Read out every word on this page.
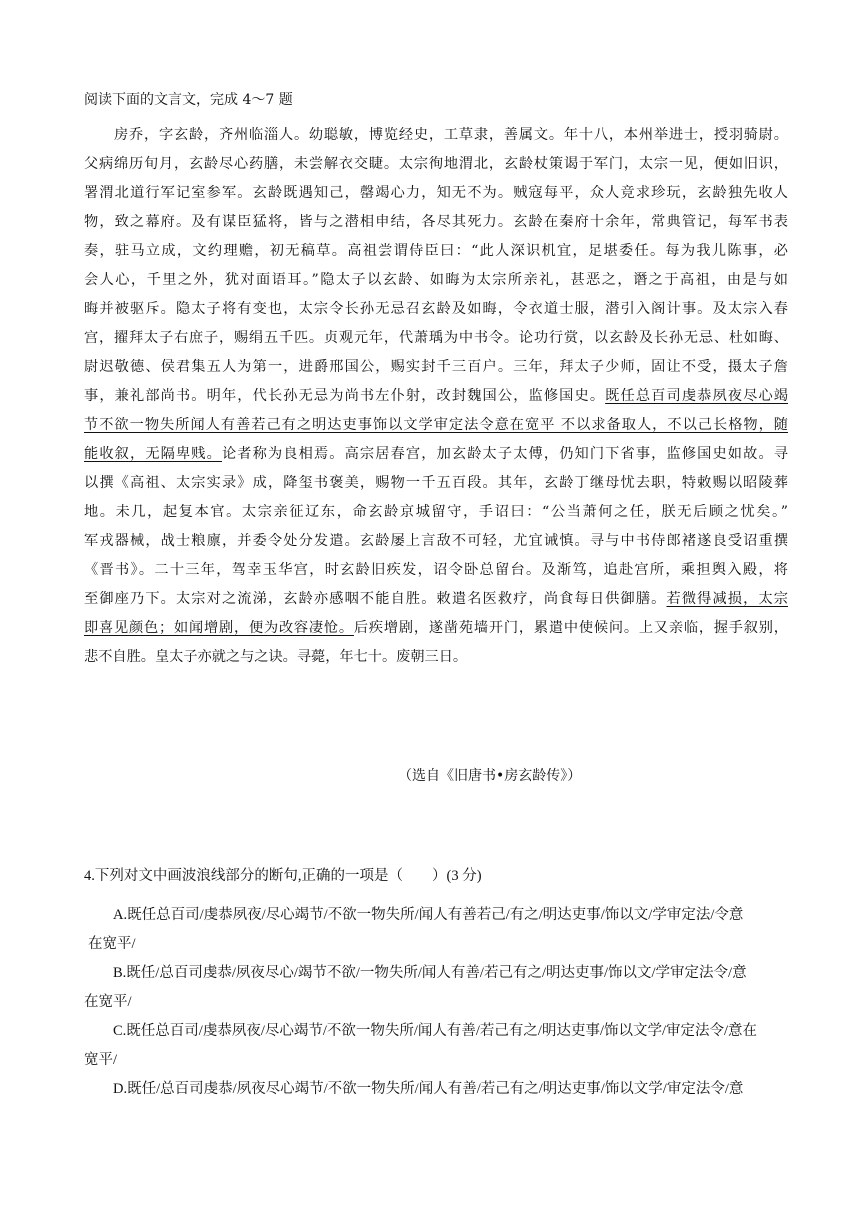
阅读下面的文言文，完成 4～7 题
　　房乔，字玄龄，齐州临淄人。幼聪敏，博览经史，工草隶，善属文。年十八，本州举进士，授羽骑尉。
父病绵历旬月，玄龄尽心药膳，未尝解衣交睫。太宗徇地渭北，玄龄杖策谒于军门，太宗一见，便如旧识，
署渭北道行军记室参军。玄龄既遇知己，罄竭心力，知无不为。贼寇每平，众人竞求珍玩，玄龄独先收人
物，致之幕府。及有谋臣猛将，皆与之潜相申结，各尽其死力。玄龄在秦府十余年，常典管记，每军书表
奏，驻马立成，文约理赡，初无稿草。高祖尝谓侍臣曰：“此人深识机宜，足堪委任。每为我儿陈事，必
会人心，千里之外，犹对面语耳。”隐太子以玄龄、如晦为太宗所亲礼，甚恶之，谮之于高祖，由是与如
晦并被驱斥。隐太子将有变也，太宗令长孙无忌召玄龄及如晦，令衣道士服，潜引入阁计事。及太宗入春
宫，擢拜太子右庶子，赐绢五千匹。贞观元年，代萧瑀为中书令。论功行赏，以玄龄及长孙无忌、杜如晦、
尉迟敬德、侯君集五人为第一，进爵邢国公，赐实封千三百户。三年，拜太子少师，固让不受，摄太子詹
事，兼礼部尚书。明年，代长孙无忌为尚书左仆射，改封魏国公，监修国史。既任总百司虔恭夙夜尽心竭
节不欲一物失所闻人有善若己有之明达吏事饰以文学审定法令意在宽平 不以求备取人，不以己长格物，随
能收叙，无隔卑贱。论者称为良相焉。高宗居春宫，加玄龄太子太傅，仍知门下省事，监修国史如故。寻
以撰《高祖、太宗实录》成，降玺书褒美，赐物一千五百段。其年，玄龄丁继母忧去职，特敕赐以昭陵葬
地。未几，起复本官。太宗亲征辽东，命玄龄京城留守，手诏曰：“公当萧何之任，朕无后顾之忧矣。”
军戎器械，战士粮廪，并委令处分发遣。玄龄屡上言敌不可轻，尤宜诫慎。寻与中书侍郎褚遂良受诏重撰
《晋书》。二十三年，驾幸玉华宫，时玄龄旧疾发，诏令卧总留台。及渐笃，追赴宫所，乘担舆入殿，将
至御座乃下。太宗对之流涕，玄龄亦感咽不能自胜。敕遣名医救疗，尚食每日供御膳。若微得减损，太宗
即喜见颜色；如闻增剧，便为改容凄怆。后疾增剧，遂凿苑墙开门，累遣中使候问。上又亲临，握手叙别，
悲不自胜。皇太子亦就之与之诀。寻薨，年七十。废朝三日。
（选自《旧唐书•房玄龄传》）
4.下列对文中画波浪线部分的断句,正确的一项是（　　）(3 分)
A.既任总百司/虔恭夙夜/尽心竭节/不欲一物失所/闻人有善若己/有之/明达吏事/饰以文/学审定法/令意
在宽平/
B.既任/总百司虔恭/夙夜尽心/竭节不欲/一物失所/闻人有善/若己有之/明达吏事/饰以文/学审定法令/意
在宽平/
C.既任总百司/虔恭夙夜/尽心竭节/不欲一物失所/闻人有善/若己有之/明达吏事/饰以文学/审定法令/意在
宽平/
D.既任/总百司虔恭/夙夜尽心竭节/不欲一物失所/闻人有善/若己有之/明达吏事/饰以文学/审定法令/意
